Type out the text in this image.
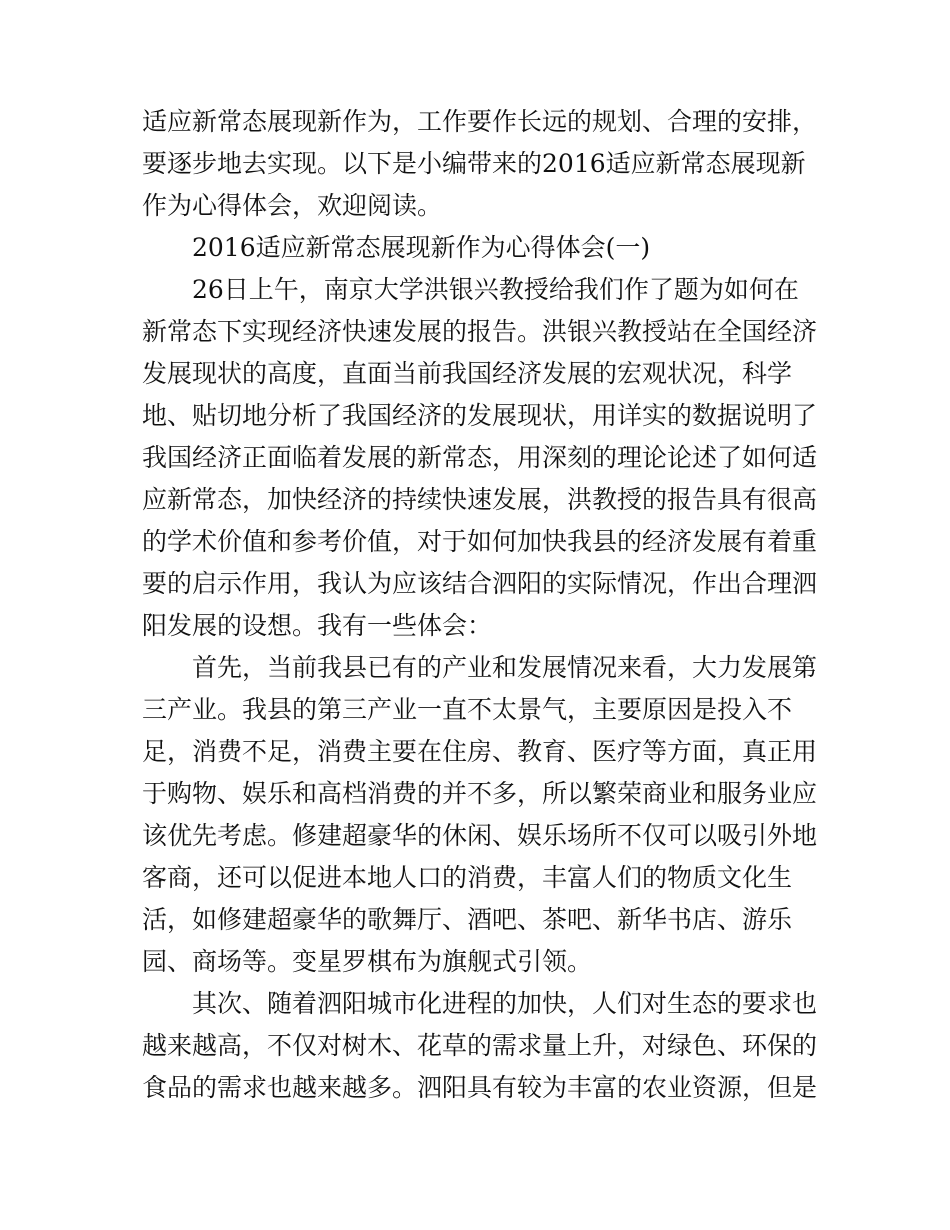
适应新常态展现新作为，工作要作长远的规划、合理的安排，
要逐步地去实现。以下是小编带来的2016适应新常态展现新
作为心得体会，欢迎阅读。
2016适应新常态展现新作为心得体会(一)
26日上午，南京大学洪银兴教授给我们作了题为如何在
新常态下实现经济快速发展的报告。洪银兴教授站在全国经济
发展现状的高度，直面当前我国经济发展的宏观状况，科学
地、贴切地分析了我国经济的发展现状，用详实的数据说明了
我国经济正面临着发展的新常态，用深刻的理论论述了如何适
应新常态，加快经济的持续快速发展，洪教授的报告具有很高
的学术价值和参考价值，对于如何加快我县的经济发展有着重
要的启示作用，我认为应该结合泗阳的实际情况，作出合理泗
阳发展的设想。我有一些体会：
首先，当前我县已有的产业和发展情况来看，大力发展第
三产业。我县的第三产业一直不太景气，主要原因是投入不
足，消费不足，消费主要在住房、教育、医疗等方面，真正用
于购物、娱乐和高档消费的并不多，所以繁荣商业和服务业应
该优先考虑。修建超豪华的休闲、娱乐场所不仅可以吸引外地
客商，还可以促进本地人口的消费，丰富人们的物质文化生
活，如修建超豪华的歌舞厅、酒吧、茶吧、新华书店、游乐
园、商场等。变星罗棋布为旗舰式引领。
其次、随着泗阳城市化进程的加快，人们对生态的要求也
越来越高，不仅对树木、花草的需求量上升，对绿色、环保的
食品的需求也越来越多。泗阳具有较为丰富的农业资源，但是
